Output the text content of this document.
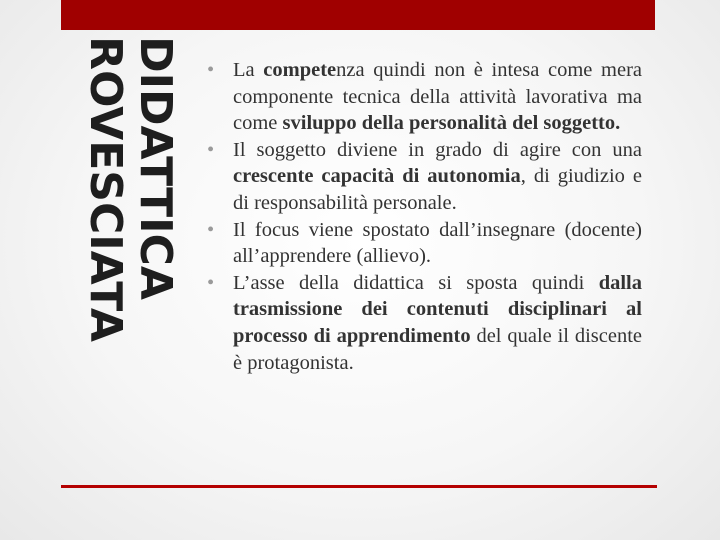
DIDATTICA
ROVESCIATA	• La competenza quindi non è intesa come mera componente tecnica della attività lavorativa ma come sviluppo della personalità del soggetto.
• Il soggetto diviene in grado di agire con una crescente capacità di autonomia, di giudizio e di responsabilità personale.
• Il focus viene spostato dall’insegnare (docente) all’apprendere (allievo).
• L’asse della didattica si sposta quindi dalla trasmissione dei contenuti disciplinari al processo di apprendimento del quale il discente è protagonista.
